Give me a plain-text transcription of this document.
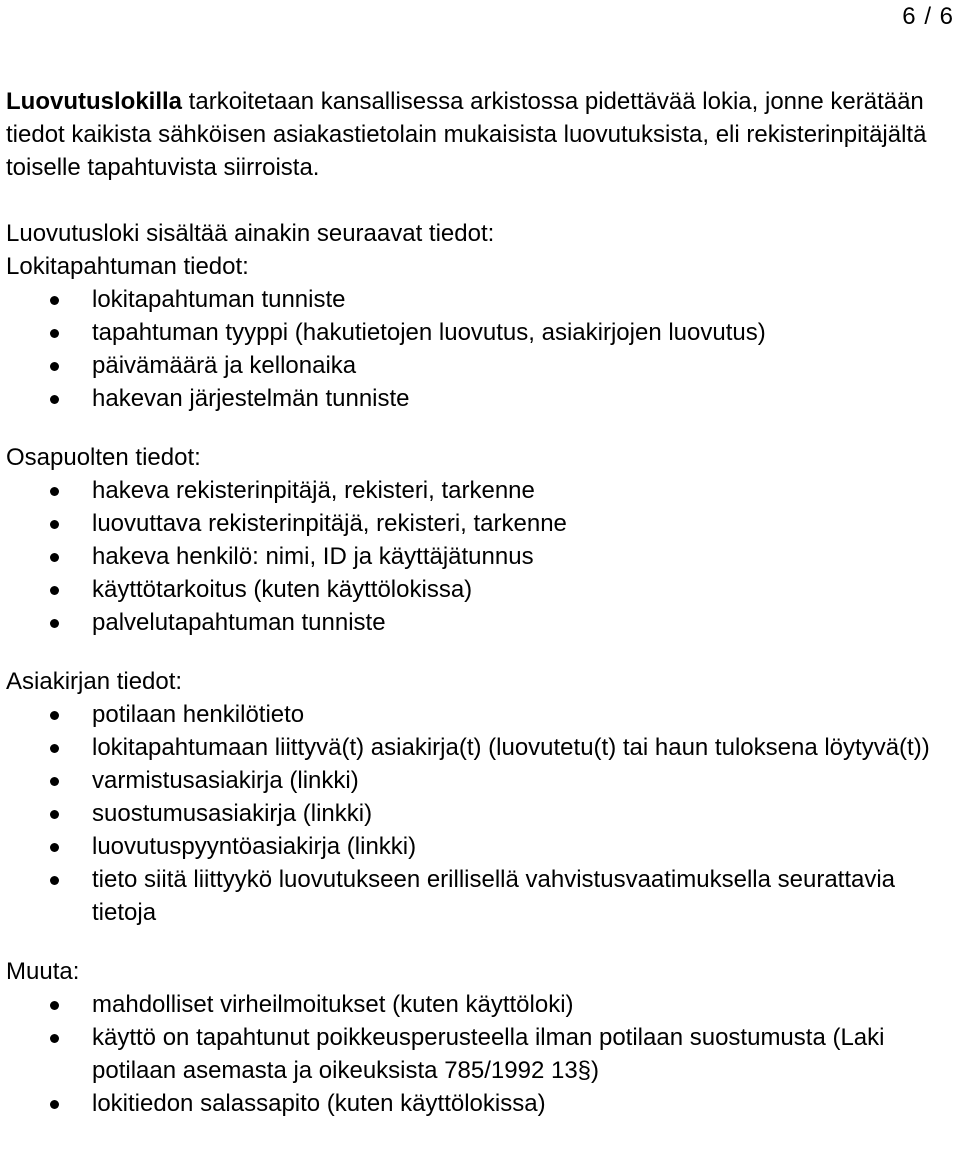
6 / 6

Luovutuslokilla tarkoitetaan kansallisessa arkistossa pidettävää lokia, jonne kerätään tiedot kaikista sähköisen asiakastietolain mukaisista luovutuksista, eli rekisterinpitäjältä toiselle tapahtuvista siirroista.

Luovutusloki sisältää ainakin seuraavat tiedot:

Lokitapahtuman tiedot:

lokitapahtuman tunniste
tapahtuman tyyppi (hakutietojen luovutus, asiakirjojen luovutus)
päivämäärä ja kellonaika
hakevan järjestelmän tunniste

Osapuolten tiedot:

hakeva rekisterinpitäjä, rekisteri, tarkenne
luovuttava rekisterinpitäjä, rekisteri, tarkenne
hakeva henkilö: nimi, ID ja käyttäjätunnus
käyttötarkoitus (kuten käyttölokissa)
palvelutapahtuman tunniste

Asiakirjan tiedot:

potilaan henkilötieto
lokitapahtumaan liittyvä(t) asiakirja(t) (luovutetu(t) tai haun tuloksena löytyvä(t))
varmistusasiakirja (linkki)
suostumusasiakirja (linkki)
luovutuspyyntöasiakirja (linkki)
tieto siitä liittyykö luovutukseen erillisellä vahvistusvaatimuksella seurattavia tietoja

Muuta:

mahdolliset virheilmoitukset (kuten käyttöloki)
käyttö on tapahtunut poikkeusperusteella ilman potilaan suostumusta (Laki potilaan asemasta ja oikeuksista 785/1992 13§)
lokitiedon salassapito (kuten käyttölokissa)
